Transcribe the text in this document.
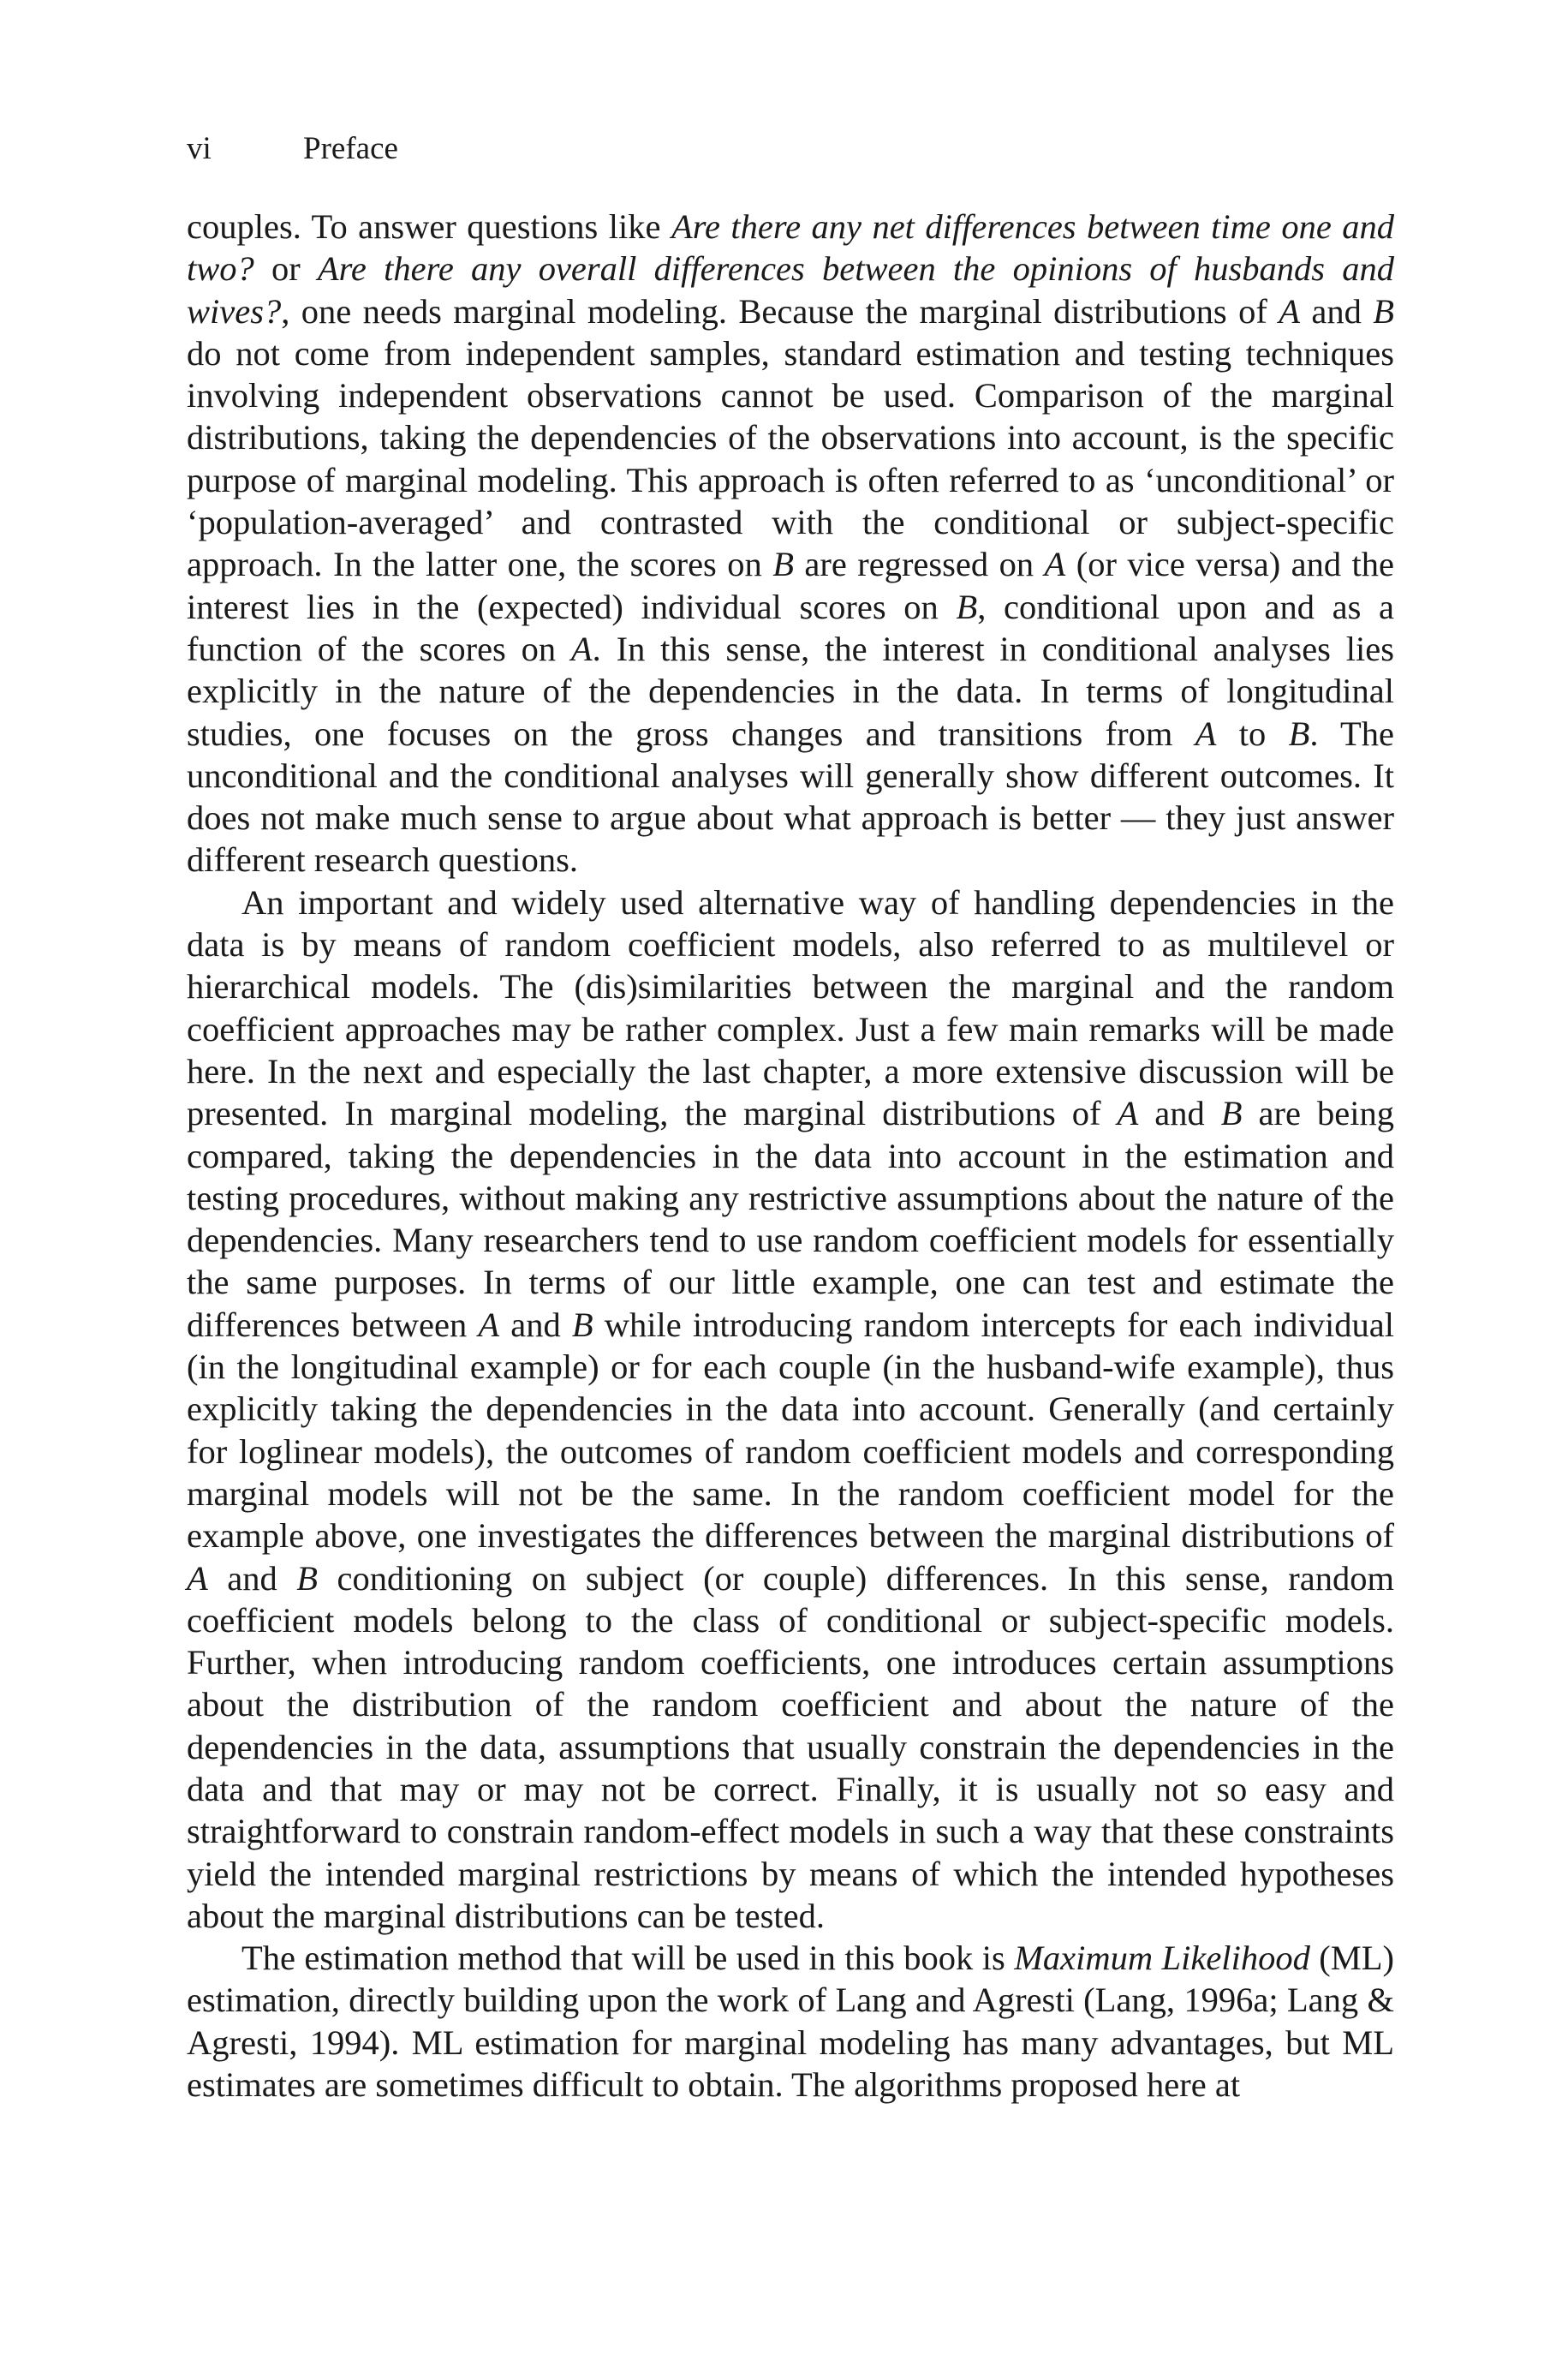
vi	Preface

couples. To answer questions like Are there any net differences between time one and two? or Are there any overall differences between the opinions of husbands and wives?, one needs marginal modeling. Because the marginal distributions of A and B do not come from independent samples, standard estimation and testing techniques involving independent observations cannot be used. Comparison of the marginal distributions, taking the dependencies of the observations into account, is the specific purpose of marginal modeling. This approach is often referred to as ‘unconditional’ or ‘population-averaged’ and contrasted with the conditional or subject-specific approach. In the latter one, the scores on B are regressed on A (or vice versa) and the interest lies in the (expected) individual scores on B, conditional upon and as a function of the scores on A. In this sense, the interest in conditional analyses lies explicitly in the nature of the dependencies in the data. In terms of longitudinal studies, one focuses on the gross changes and transitions from A to B. The unconditional and the conditional analyses will generally show different outcomes. It does not make much sense to argue about what approach is better — they just answer different research questions.

An important and widely used alternative way of handling dependencies in the data is by means of random coefficient models, also referred to as multilevel or hierarchical models. The (dis)similarities between the marginal and the random coefficient approaches may be rather complex. Just a few main remarks will be made here. In the next and especially the last chapter, a more extensive discussion will be presented. In marginal modeling, the marginal distributions of A and B are being compared, taking the dependencies in the data into account in the estimation and testing procedures, without making any restrictive assumptions about the nature of the dependencies. Many researchers tend to use random coefficient models for essentially the same purposes. In terms of our little example, one can test and estimate the differences between A and B while introducing random intercepts for each individual (in the longitudinal example) or for each couple (in the husband-wife example), thus explicitly taking the dependencies in the data into account. Generally (and certainly for loglinear models), the outcomes of random coefficient models and corresponding marginal models will not be the same. In the random coefficient model for the example above, one investigates the differences between the marginal distributions of A and B conditioning on subject (or couple) differences. In this sense, random coefficient models belong to the class of conditional or subject-specific models. Further, when introducing random coefficients, one introduces certain assumptions about the distribution of the random coefficient and about the nature of the dependencies in the data, assumptions that usually constrain the dependencies in the data and that may or may not be correct. Finally, it is usually not so easy and straightforward to constrain random-effect models in such a way that these constraints yield the intended marginal restrictions by means of which the intended hypotheses about the marginal distributions can be tested.

The estimation method that will be used in this book is Maximum Likelihood (ML) estimation, directly building upon the work of Lang and Agresti (Lang, 1996a; Lang & Agresti, 1994). ML estimation for marginal modeling has many advantages, but ML estimates are sometimes difficult to obtain. The algorithms proposed here at
